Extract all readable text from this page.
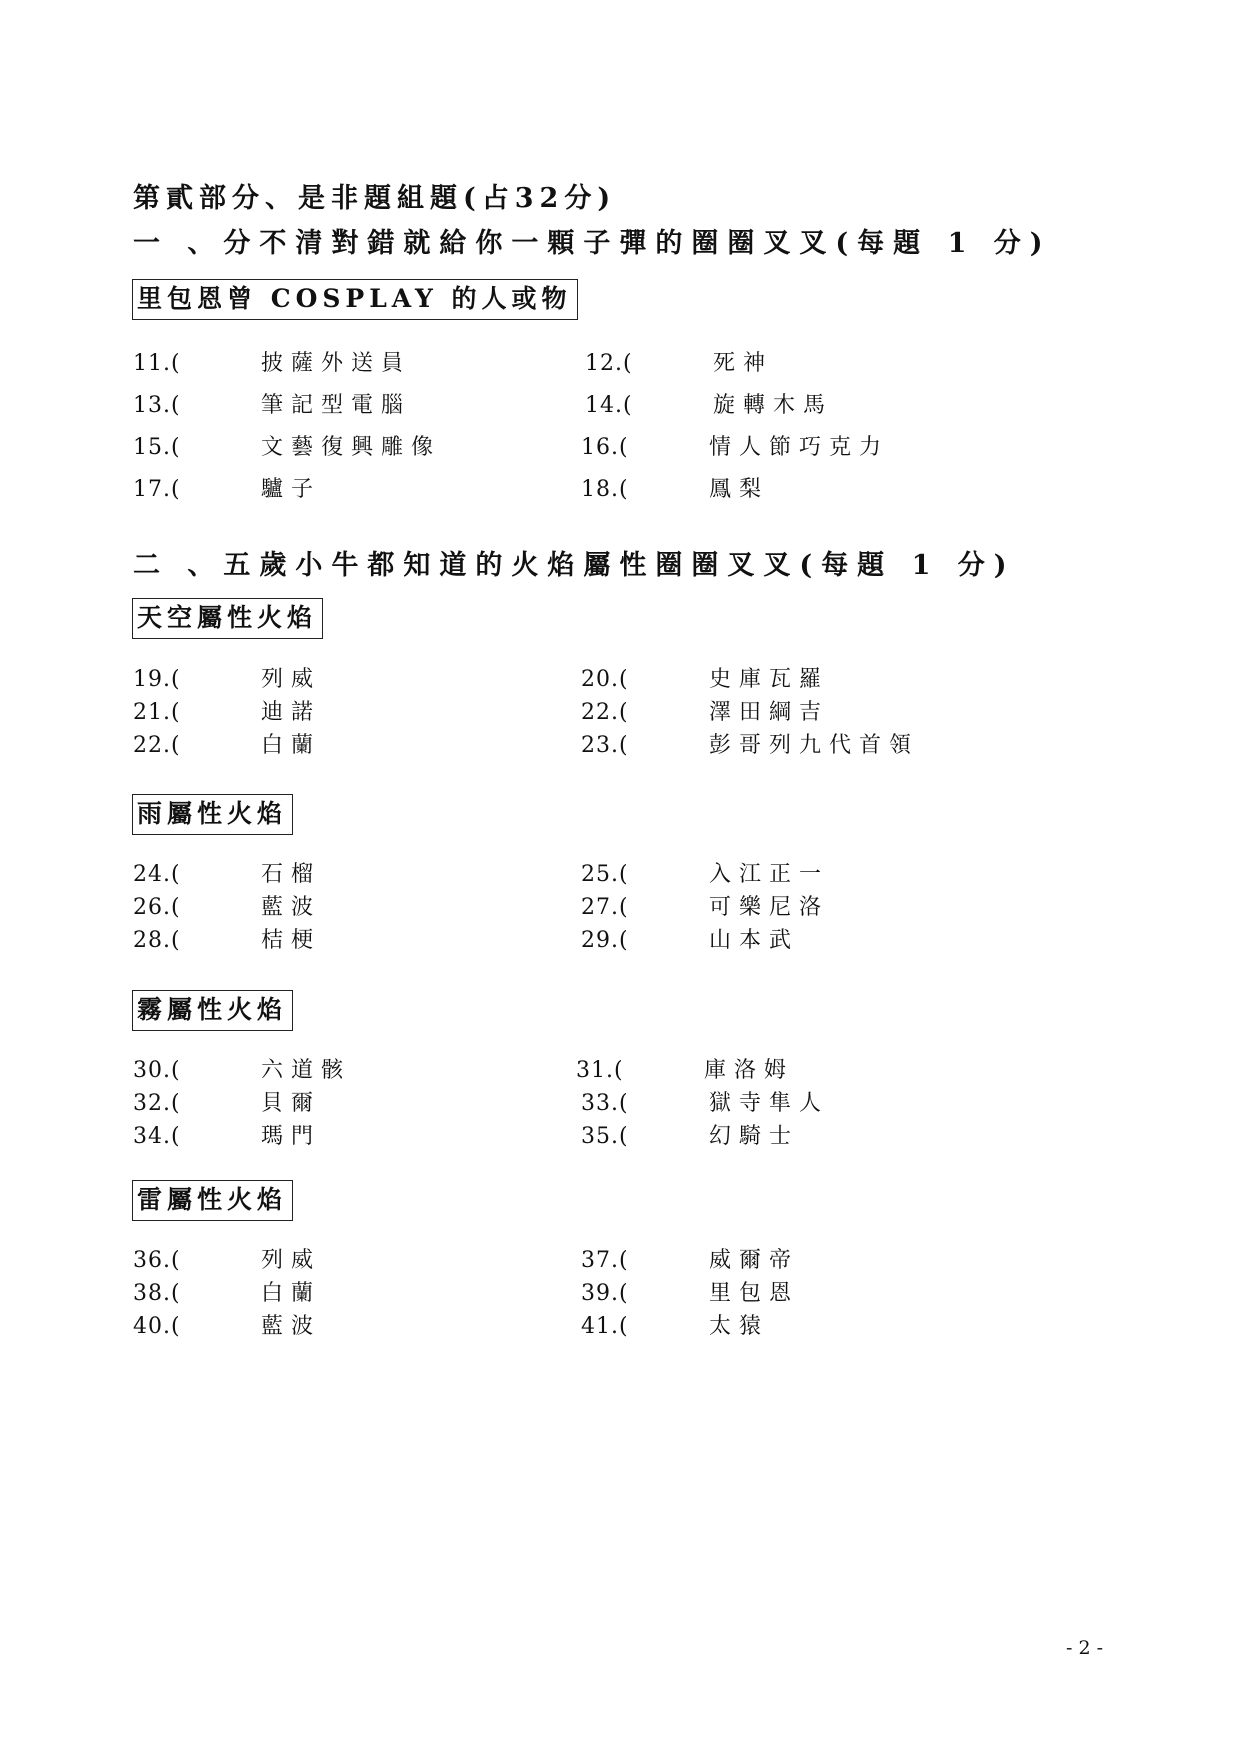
第貳部分、是非題組題(占32分)
一 、分不清對錯就給你一顆子彈的圈圈叉叉(每題 1 分)
里包恩曾 COSPLAY 的人或物
11.(	披薩外送員	12.(	死神
13.(	筆記型電腦	14.(	旋轉木馬
15.(	文藝復興雕像	16.(	情人節巧克力
17.(	驢子	18.(	鳳梨
二 、五歲小牛都知道的火焰屬性圈圈叉叉(每題 1 分)
天空屬性火焰
19.(	列威	20.(	史庫瓦羅
21.(	迪諾	22.(	澤田綱吉
22.(	白蘭	23.(	彭哥列九代首領
雨屬性火焰
24.(	石榴	25.(	入江正一
26.(	藍波	27.(	可樂尼洛
28.(	桔梗	29.(	山本武
霧屬性火焰
30.(	六道骸	31.(	庫洛姆
32.(	貝爾	33.(	獄寺隼人
34.(	瑪門	35.(	幻騎士
雷屬性火焰
36.(	列威	37.(	威爾帝
38.(	白蘭	39.(	里包恩
40.(	藍波	41.(	太猿
- 2 -
